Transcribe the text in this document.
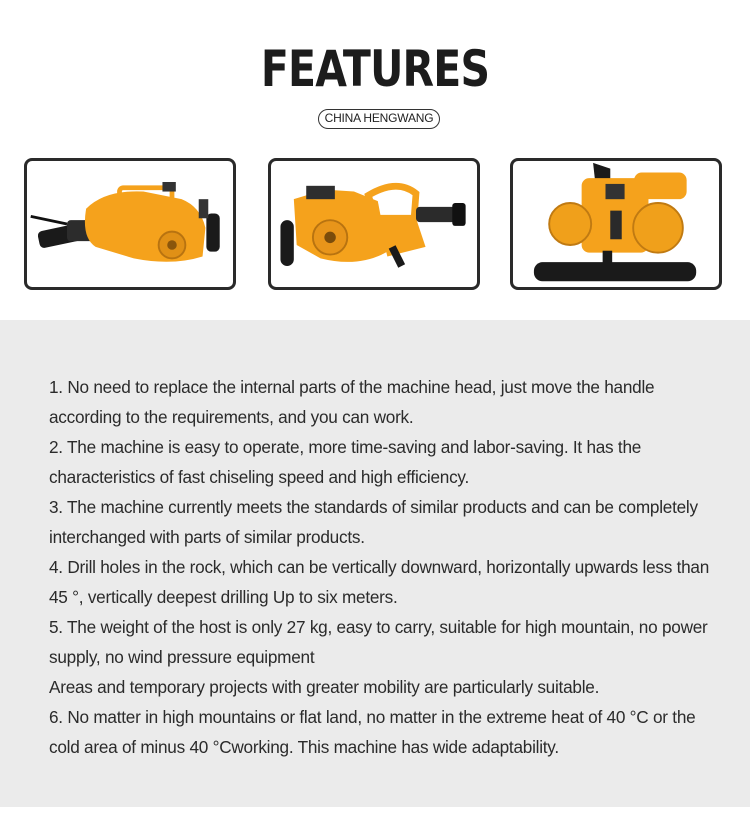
FEATURES
CHINA HENGWANG
1. No need to replace the internal parts of the machine head, just move the handle according to the requirements, and you can work.
2. The machine is easy to operate, more time-saving and labor-saving. It has the characteristics of fast chiseling speed and high efficiency.
3. The machine currently meets the standards of similar products and can be completely interchanged with parts of similar products.
4. Drill holes in the rock, which can be vertically downward, horizontally upwards less than 45 °, vertically deepest drilling Up to six meters.
5. The weight of the host is only 27 kg, easy to carry, suitable for high mountain, no power supply, no wind pressure equipment
Areas and temporary projects with greater mobility are particularly suitable.
6. No matter in high mountains or flat land, no matter in the extreme heat of 40 °C or the cold area of minus 40 °Cworking. This machine has wide adaptability.
